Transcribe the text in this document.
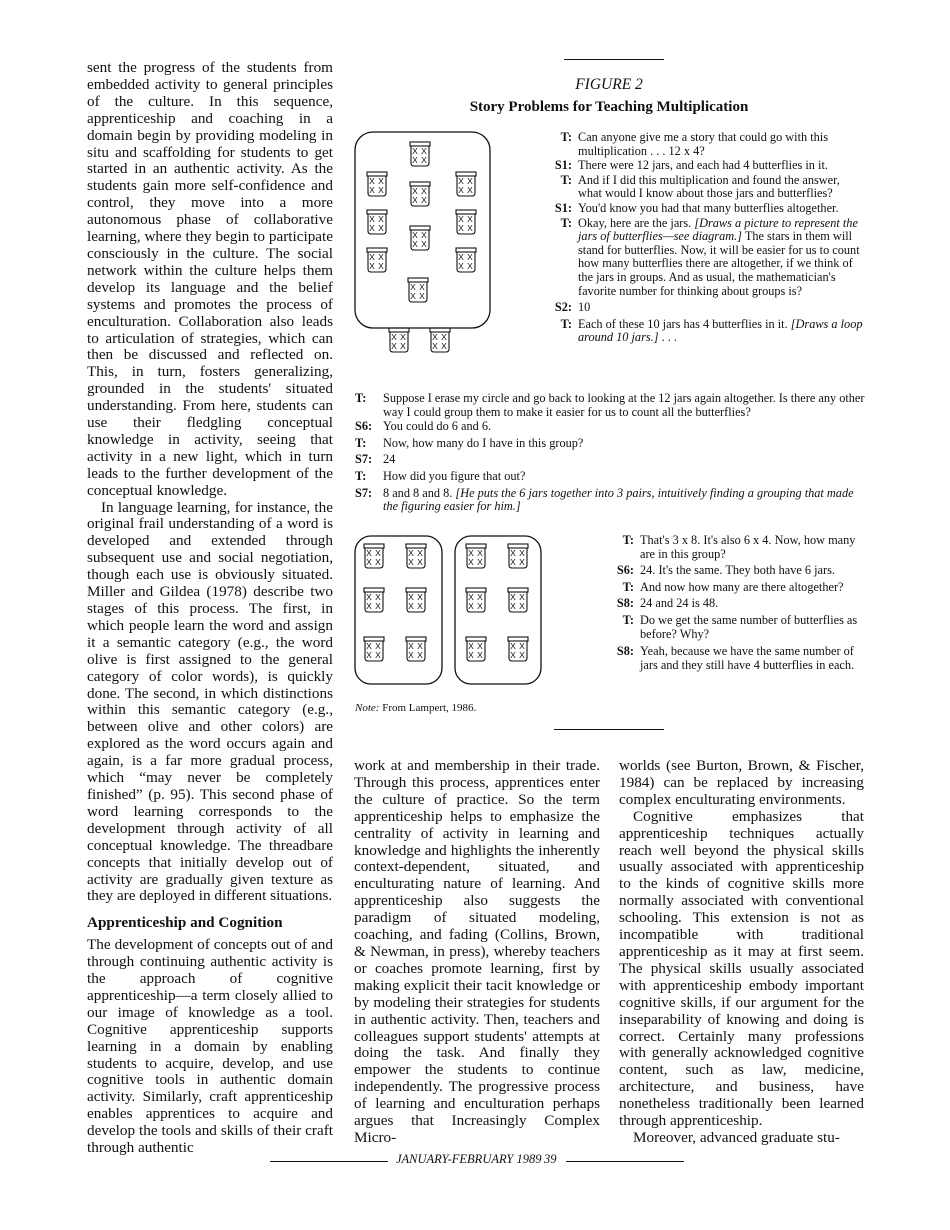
sent the progress of the students from embedded activity to general principles of the culture. In this sequence, apprenticeship and coaching in a domain begin by providing modeling in situ and scaffolding for students to get started in an authentic activity. As the students gain more self-confidence and control, they move into a more autonomous phase of collaborative learning, where they begin to participate consciously in the culture. The social network within the culture helps them develop its language and the belief systems and promotes the process of enculturation. Collaboration also leads to articulation of strategies, which can then be discussed and reflected on. This, in turn, fosters generalizing, grounded in the students' situated understanding. From here, students can use their fledgling conceptual knowledge in activity, seeing that activity in a new light, which in turn leads to the further development of the conceptual knowledge.

In language learning, for instance, the original frail understanding of a word is developed and extended through subsequent use and social negotiation, though each use is obviously situated. Miller and Gildea (1978) describe two stages of this process. The first, in which people learn the word and assign it a semantic category (e.g., the word olive is first assigned to the general category of color words), is quickly done. The second, in which distinctions within this semantic category (e.g., between olive and other colors) are explored as the word occurs again and again, is a far more gradual process, which “may never be completely finished” (p. 95). This second phase of word learning corresponds to the development through activity of all conceptual knowledge. The threadbare concepts that initially develop out of activity are gradually given texture as they are deployed in different situations.

Apprenticeship and Cognition

The development of concepts out of and through continuing authentic activity is the approach of cognitive apprenticeship—a term closely allied to our image of knowledge as a tool. Cognitive apprenticeship supports learning in a domain by enabling students to acquire, develop, and use cognitive tools in authentic domain activity. Similarly, craft apprenticeship enables apprentices to acquire and develop the tools and skills of their craft through authentic

FIGURE 2
Story Problems for Teaching Multiplication
X X
X X
X X
X X	X X
X X
X X
X X
X X
X X
X X
X X
X X
X X
X X
X X
X X
X X
X X
X X
X X
X X
X X
X X
T: Can anyone give me a story that could go with this multiplication . . . 12 x 4?
S1: There were 12 jars, and each had 4 butterflies in it.
T: And if I did this multiplication and found the answer, what would I know about those jars and butterflies?
S1: You'd know you had that many butterflies altogether.
T: Okay, here are the jars. [Draws a picture to represent the jars of butterflies—see diagram.] The stars in them will stand for butterflies. Now, it will be easier for us to count how many butterflies there are altogether, if we think of the jars in groups. And as usual, the mathematician's favorite number for thinking about groups is?
S2: 10
T: Each of these 10 jars has 4 butterflies in it. [Draws a loop around 10 jars.] . . .
T:	Suppose I erase my circle and go back to looking at the 12 jars again altogether. Is there any other way I could group them to make it easier for us to count all the butterflies?
S6: You could do 6 and 6.
T:	Now, how many do I have in this group?
S7: 24
T:	How did you figure that out?
S7: 8 and 8 and 8. [He puts the 6 jars together into 3 pairs, intuitively finding a grouping that made the figuring easier for him.]
X X
X X
X X
X X
X X
X X
X X
X X
X X
X X
X X
X X
X X
X X
X X
X X
X X
X X
X X
X X
X X
X X
X X
X X
T: That's 3 x 8. It's also 6 x 4. Now, how many are in this group?
S6: 24. It's the same. They both have 6 jars.
T: And now how many are there altogether?
S8: 24 and 24 is 48.
T: Do we get the same number of butterflies as before? Why?
S8: Yeah, because we have the same number of jars and they still have 4 butterflies in each.
Note: From Lampert, 1986.

work at and membership in their trade. Through this process, apprentices enter the culture of practice. So the term apprenticeship helps to emphasize the centrality of activity in learning and knowledge and highlights the inherently context-dependent, situated, and enculturating nature of learning. And apprenticeship also suggests the paradigm of situated modeling, coaching, and fading (Collins, Brown, & Newman, in press), whereby teachers or coaches promote learning, first by making explicit their tacit knowledge or by modeling their strategies for students in authentic activity. Then, teachers and colleagues support students' attempts at doing the task. And finally they empower the students to continue independently. The progressive process of learning and enculturation perhaps argues that Increasingly Complex Micro-

worlds (see Burton, Brown, & Fischer, 1984) can be replaced by increasing complex enculturating environments.

Cognitive emphasizes that apprenticeship techniques actually reach well beyond the physical skills usually associated with apprenticeship to the kinds of cognitive skills more normally associated with conventional schooling. This extension is not as incompatible with traditional apprenticeship as it may at first seem. The physical skills usually associated with apprenticeship embody important cognitive skills, if our argument for the inseparability of knowing and doing is correct. Certainly many professions with generally acknowledged cognitive content, such as law, medicine, architecture, and business, have nonetheless traditionally been learned through apprenticeship.

Moreover, advanced graduate stu-

JANUARY-FEBRUARY 1989 39
